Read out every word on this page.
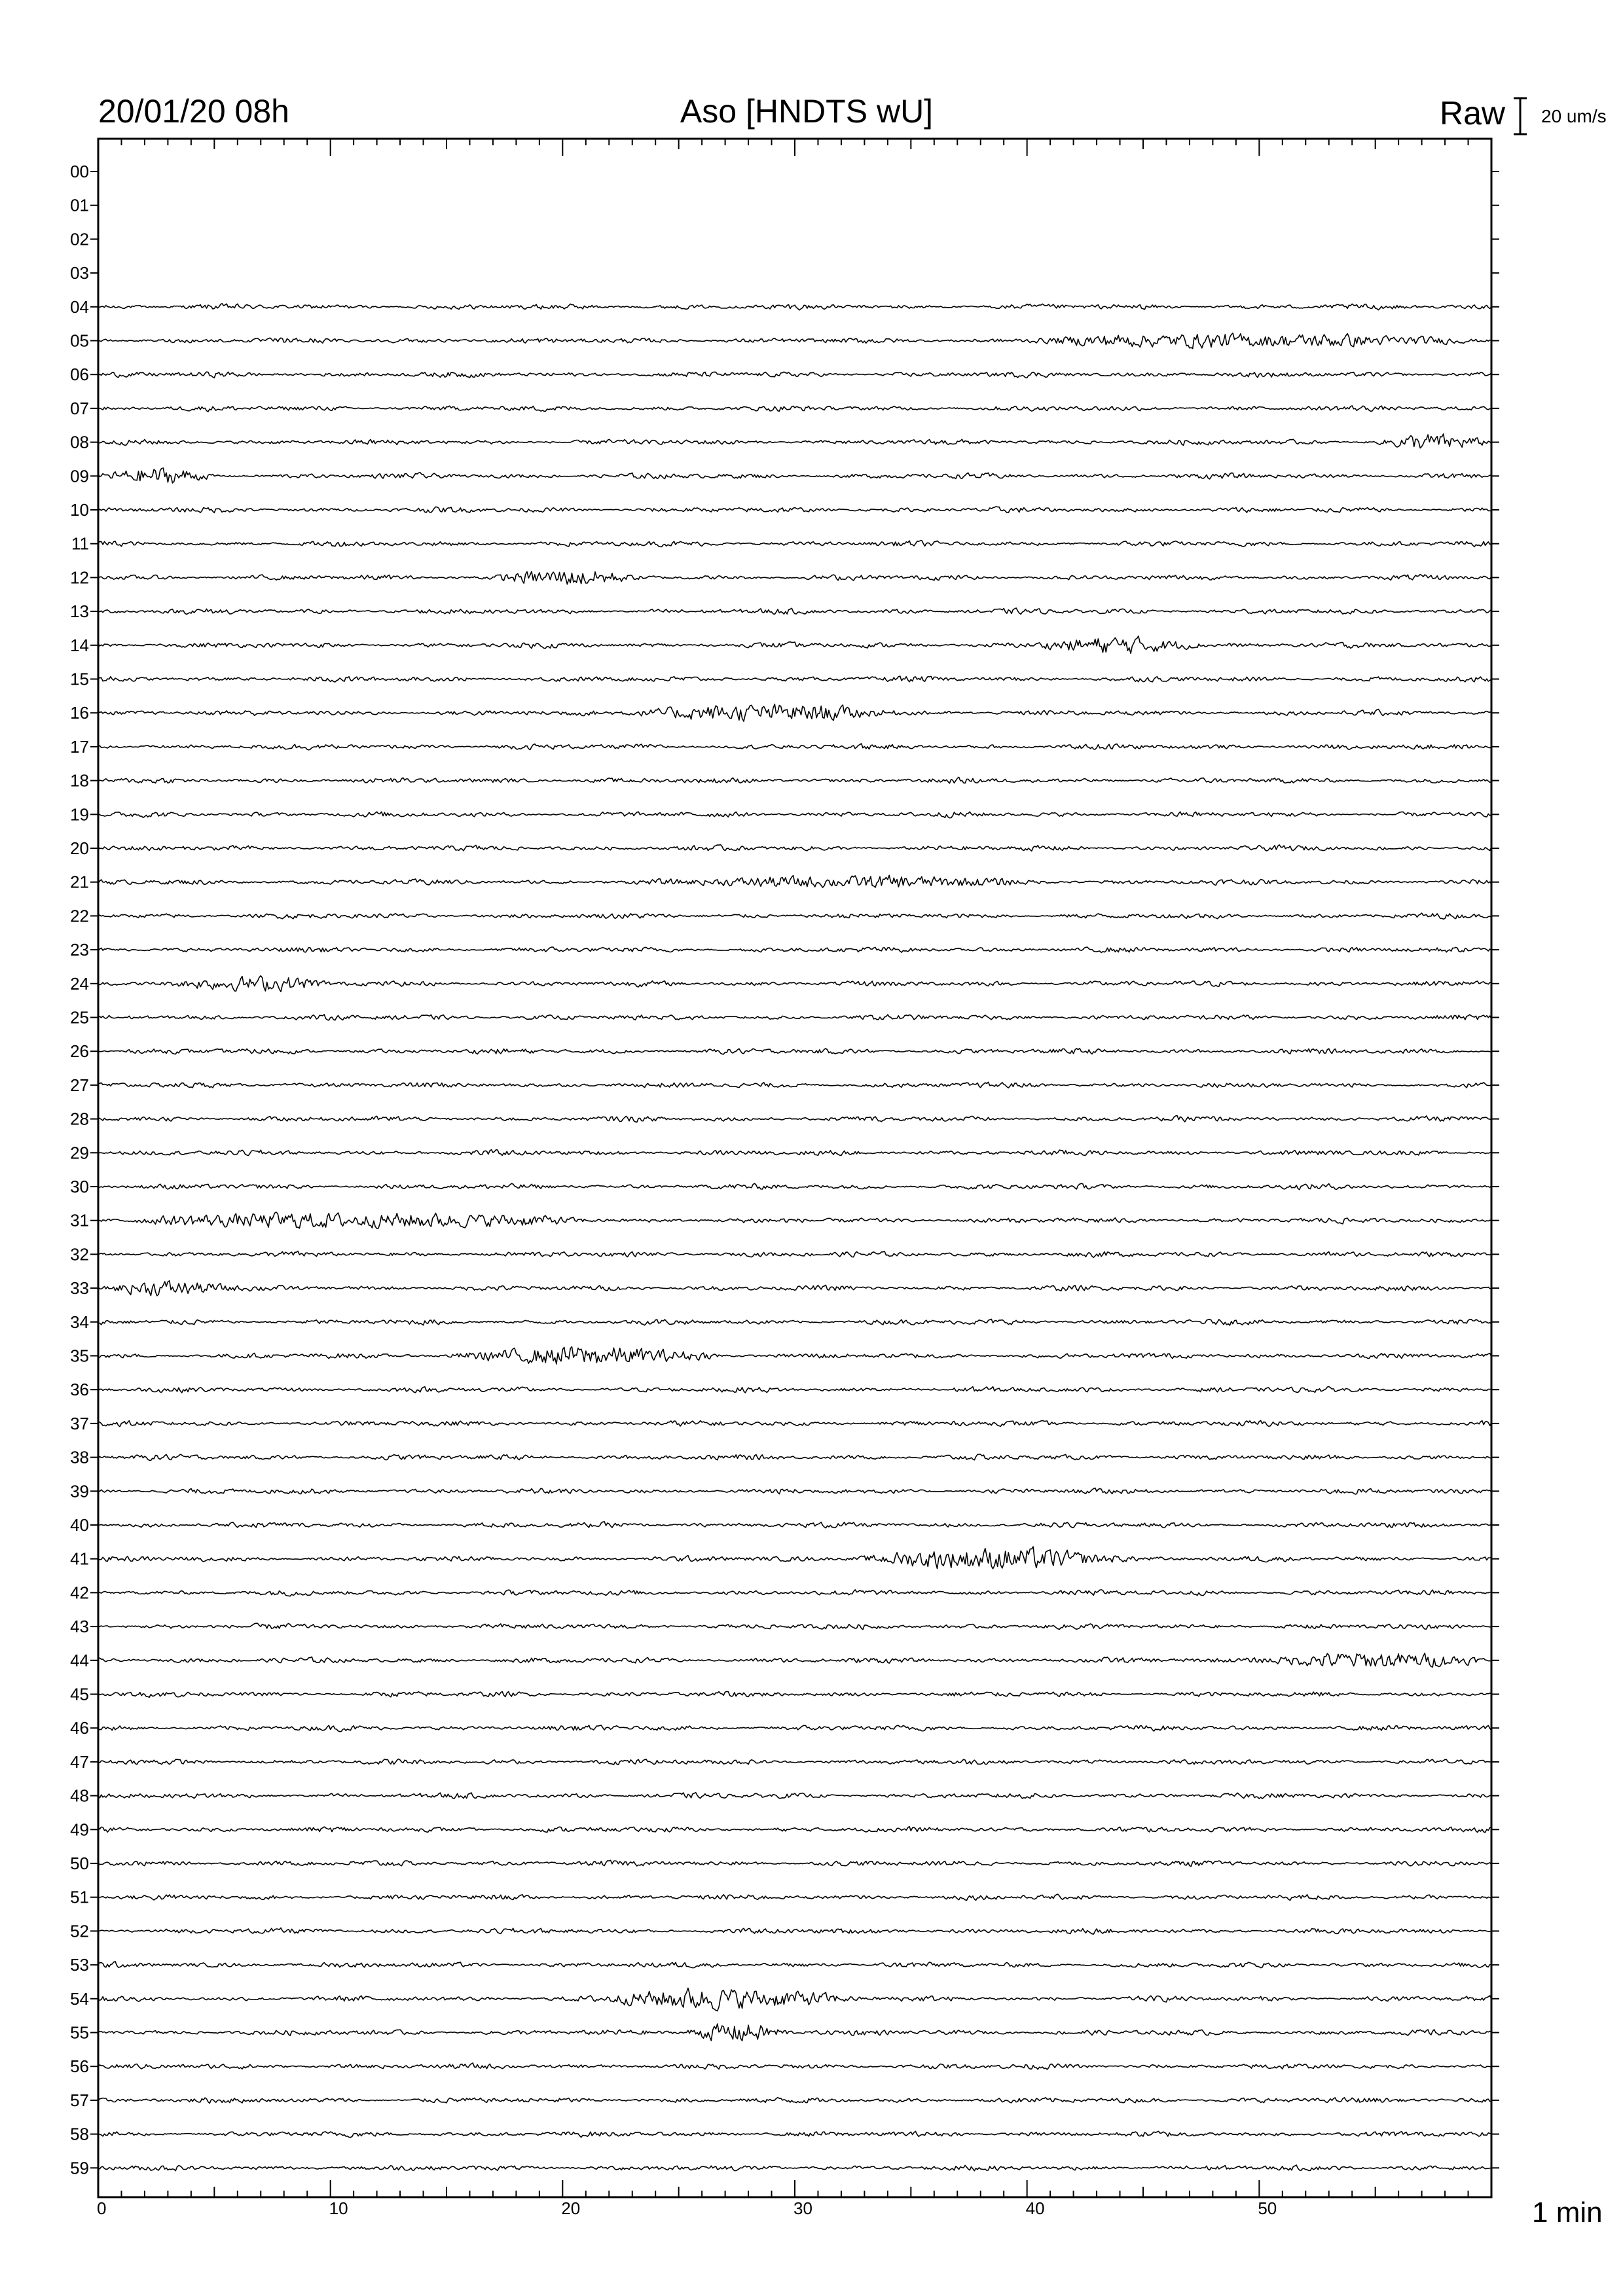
00
01
02
03
04
05
06
07
08
09
10
11
12
13
14
15
16
17
18
19
20
21
22
23
24
25
26
27
28
29
30
31
32
33
34
35
36
37
38
39
40
41
42
43
44
45
46
47
48
49
50
51
52
53
54
55
56
57
58
59
0	10	20	30	40	50
20/01/20 08h	Aso [HNDTS wU]	Raw 20 um/s
1 min
